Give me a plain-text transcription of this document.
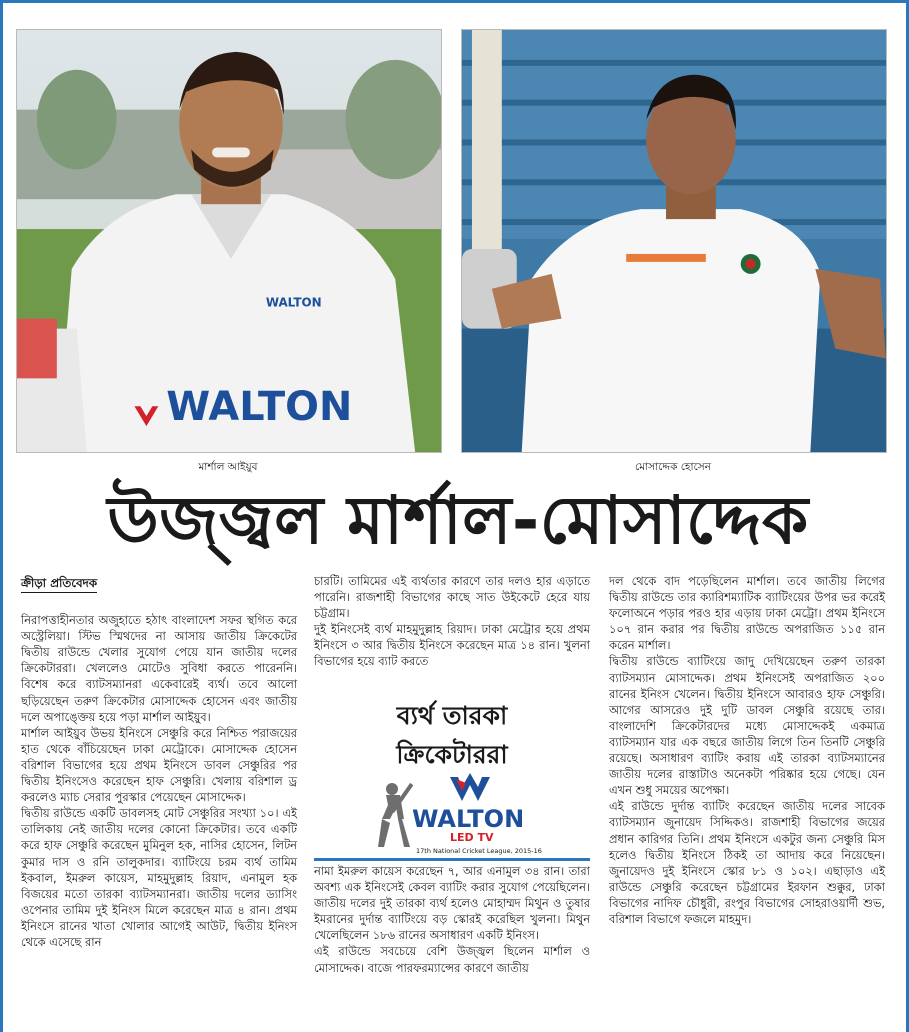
WALTON
WALTON
মার্শাল আইয়ুব	মোসাদ্দেক হোসেন
উজ্জ্বল মার্শাল-মোসাদ্দেক

ক্রীড়া প্রতিবেদক

নিরাপত্তাহীনতার অজুহাতে হঠাৎ বাংলাদেশ সফর স্থগিত করে অস্ট্রেলিয়া। স্টিভ স্মিথদের না আসায় জাতীয় ক্রিকেটের দ্বিতীয় রাউন্ডে খেলার সুযোগ পেয়ে যান জাতীয় দলের ক্রিকেটাররা। খেললেও মোটেও সুবিধা করতে পারেননি। বিশেষ করে ব্যাটসম্যানরা একেবারেই ব্যর্থ। তবে আলো ছড়িয়েছেন তরুণ ক্রিকেটার মোসাদ্দেক হোসেন এবং জাতীয় দলে অপাঙ্ক্তেয় হয়ে পড়া মার্শাল আইয়ুব।

মার্শাল আইয়ুব উভয় ইনিংসে সেঞ্চুরি করে নিশ্চিত পরাজয়ের হাত থেকে বাঁচিয়েছেন ঢাকা মেট্রোকে। মোসাদ্দেক হোসেন বরিশাল বিভাগের হয়ে প্রথম ইনিংসে ডাবল সেঞ্চুরির পর দ্বিতীয় ইনিংসেও করেছেন হাফ সেঞ্চুরি। খেলায় বরিশাল ড্র করলেও ম্যাচ সেরার পুরস্কার পেয়েছেন মোসাদ্দেক।

দ্বিতীয় রাউন্ডে একটি ডাবলসহ মোট সেঞ্চুরির সংখ্যা ১০। এই তালিকায় নেই জাতীয় দলের কোনো ক্রিকেটার। তবে একটি করে হাফ সেঞ্চুরি করেছেন মুমিনুল হক, নাসির হোসেন, লিটন কুমার দাস ও রনি তালুকদার। ব্যাটিংয়ে চরম ব্যর্থ তামিম ইকবাল, ইমরুল কায়েস, মাহমুদুল্লাহ রিয়াদ, এনামুল হক বিজয়ের মতো তারকা ব্যাটসম্যানরা। জাতীয় দলের ড্যাসিং ওপেনার তামিম দুই ইনিংস মিলে করেছেন মাত্র ৪ রান। প্রথম ইনিংসে রানের খাতা খোলার আগেই আউট, দ্বিতীয় ইনিংস থেকে এসেছে রান

চারটি। তামিমের এই ব্যর্থতার কারণে তার দলও হার এড়াতে পারেনি। রাজশাহী বিভাগের কাছে সাত উইকেটে হেরে যায় চট্টগ্রাম।

দুই ইনিংসেই ব্যর্থ মাহমুদুল্লাহ রিয়াদ। ঢাকা মেট্রোর হয়ে প্রথম ইনিংসে ৩ আর দ্বিতীয় ইনিংসে করেছেন মাত্র ১৪ রান। খুলনা বিভাগের হয়ে ব্যাট করতে

ব্যর্থ তারকা
ক্রিকেটাররা
WALTON
LED TV
17th National Cricket League, 2015-16

নামা ইমরুল কায়েস করেছেন ৭, আর এনামুল ৩৪ রান। তারা অবশ্য এক ইনিংসেই কেবল ব্যাটিং করার সুযোগ পেয়েছিলেন। জাতীয় দলের দুই তারকা ব্যর্থ হলেও মোহাম্মদ মিথুন ও তুষার ইমরানের দুর্দান্ত ব্যাটিংয়ে বড় স্কোরই করেছিল খুলনা। মিথুন খেলেছিলেন ১৮৬ রানের অসাধারণ একটি ইনিংস।

এই রাউন্ডে সবচেয়ে বেশি উজ্জ্বল ছিলেন মার্শাল ও মোসাদ্দেক। বাজে পারফরম্যান্সের কারণে জাতীয়

দল থেকে বাদ পড়েছিলেন মার্শাল। তবে জাতীয় লিগের দ্বিতীয় রাউন্ডে তার ক্যারিশম্যাটিক ব্যাটিংয়ের উপর ভর করেই ফলোঅনে পড়ার পরও হার এড়ায় ঢাকা মেট্রো। প্রথম ইনিংসে ১০৭ রান করার পর দ্বিতীয় রাউন্ডে অপরাজিত ১১৫ রান করেন মার্শাল।

দ্বিতীয় রাউন্ডে ব্যাটিংয়ে জাদু দেখিয়েছেন তরুণ তারকা ব্যাটসম্যান মোসাদ্দেক। প্রথম ইনিংসেই অপরাজিত ২০০ রানের ইনিংস খেলেন। দ্বিতীয় ইনিংসে আবারও হাফ সেঞ্চুরি। আগের আসরেও দুই দুটি ডাবল সেঞ্চুরি রয়েছে তার। বাংলাদেশি ক্রিকেটারদের মধ্যে মোসাদ্দেকই একমাত্র ব্যাটসম্যান যার এক বছরে জাতীয় লিগে তিন তিনটি সেঞ্চুরি রয়েছে। অসাধারণ ব্যাটিং করায় এই তারকা ব্যাটসম্যানের জাতীয় দলের রাস্তাটাও অনেকটা পরিষ্কার হয়ে গেছে। যেন এখন শুধু সময়ের অপেক্ষা।

এই রাউন্ডে দুর্দান্ত ব্যাটিং করেছেন জাতীয় দলের সাবেক ব্যাটসম্যান জুনায়েদ সিদ্দিকও। রাজশাহী বিভাগের জয়ের প্রধান কারিগর তিনি। প্রথম ইনিংসে একটুর জন্য সেঞ্চুরি মিস হলেও দ্বিতীয় ইনিংসে ঠিকই তা আদায় করে নিয়েছেন। জুনায়েদও দুই ইনিংসে স্কোর ৮১ ও ১০২। এছাড়াও এই রাউন্ডে সেঞ্চুরি করেছেন চট্টগ্রামের ইরফান শুক্কুর, ঢাকা বিভাগের নাদিফ চৌধুরী, রংপুর বিভাগের সোহরাওয়ার্দী শুভ, বরিশাল বিভাগে ফজলে মাহমুদ।
